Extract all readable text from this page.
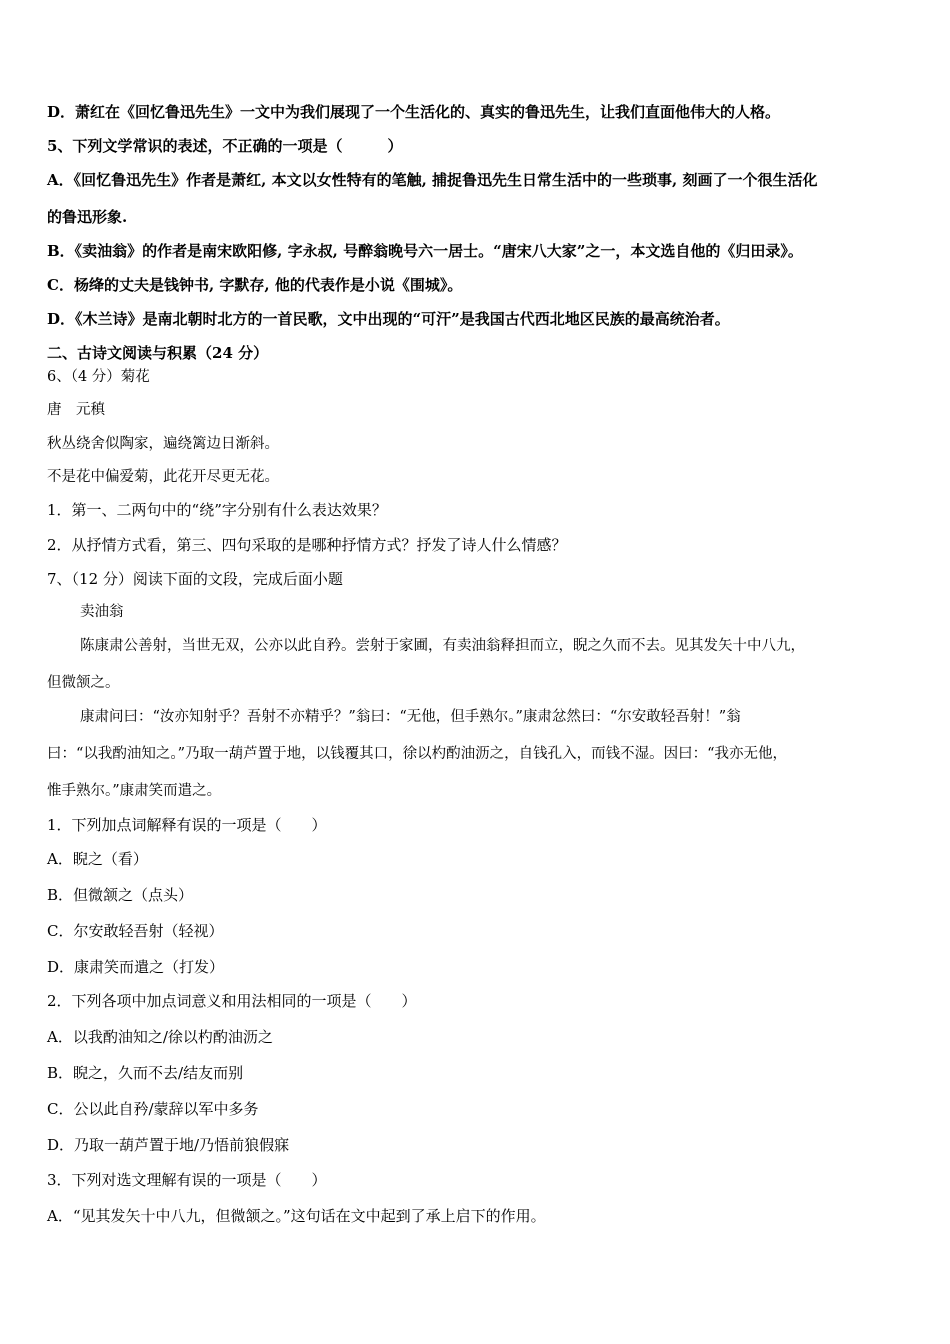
D．萧红在《回忆鲁迅先生》一文中为我们展现了一个生活化的、真实的鲁迅先生，让我们直面他伟大的人格。
5、下列文学常识的表述，不正确的一项是（　　　）
A．《回忆鲁迅先生》作者是萧红, 本文以女性特有的笔触, 捕捉鲁迅先生日常生活中的一些琐事, 刻画了一个很生活化
的鲁迅形象.
B．《卖油翁》的作者是南宋欧阳修, 字永叔, 号醉翁晚号六一居士。“唐宋八大家”之一，本文选自他的《归田录》。
C．杨绛的丈夫是钱钟书, 字默存, 他的代表作是小说《围城》。
D．《木兰诗》是南北朝时北方的一首民歌，文中出现的“可汗”是我国古代西北地区民族的最高统治者。
二、古诗文阅读与积累（24 分）
6、（4 分）菊花
唐　元稹
秋丛绕舍似陶家，遍绕篱边日渐斜。
不是花中偏爱菊，此花开尽更无花。
1．第一、二两句中的“绕”字分别有什么表达效果？
2．从抒情方式看，第三、四句采取的是哪种抒情方式？抒发了诗人什么情感？
7、（12 分）阅读下面的文段，完成后面小题
卖油翁
陈康肃公善射，当世无双，公亦以此自矜。尝射于家圃，有卖油翁释担而立，睨之久而不去。见其发矢十中八九，
但微颔之。
康肃问曰：“汝亦知射乎？吾射不亦精乎？”翁曰：“无他，但手熟尔。”康肃忿然曰：“尔安敢轻吾射！”翁
曰：“以我酌油知之。”乃取一葫芦置于地，以钱覆其口，徐以杓酌油沥之，自钱孔入，而钱不湿。因曰：“我亦无他，
惟手熟尔。”康肃笑而遣之。
1．下列加点词解释有误的一项是（　　）
A．睨之（看）
B．但微颔之（点头）
C．尔安敢轻吾射（轻视）
D．康肃笑而遣之（打发）
2．下列各项中加点词意义和用法相同的一项是（　　）
A．以我酌油知之/徐以杓酌油沥之
B．睨之，久而不去/结友而别
C．公以此自矜/蒙辞以军中多务
D．乃取一葫芦置于地/乃悟前狼假寐
3．下列对选文理解有误的一项是（　　）
A．“见其发矢十中八九，但微颔之。”这句话在文中起到了承上启下的作用。
